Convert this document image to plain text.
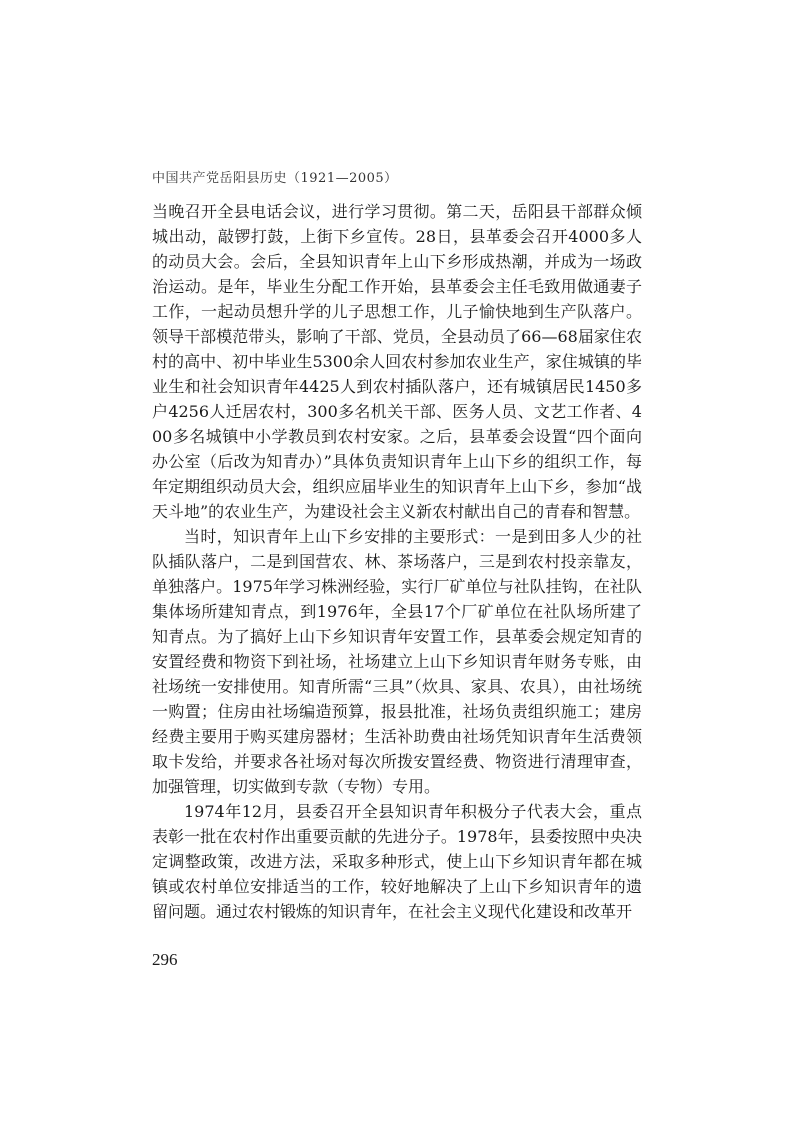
中国共产党岳阳县历史（1921—2005）

当晚召开全县电话会议，进行学习贯彻。第二天，岳阳县干部群众倾城出动，敲锣打鼓，上街下乡宣传。28日，县革委会召开4000多人的动员大会。会后，全县知识青年上山下乡形成热潮，并成为一场政治运动。是年，毕业生分配工作开始，县革委会主任毛致用做通妻子工作，一起动员想升学的儿子思想工作，儿子愉快地到生产队落户。领导干部模范带头，影响了干部、党员，全县动员了66—68届家住农村的高中、初中毕业生5300余人回农村参加农业生产，家住城镇的毕业生和社会知识青年4425人到农村插队落户，还有城镇居民1450多户4256人迁居农村，300多名机关干部、医务人员、文艺工作者、400多名城镇中小学教员到农村安家。之后，县革委会设置“四个面向办公室（后改为知青办）”具体负责知识青年上山下乡的组织工作，每年定期组织动员大会，组织应届毕业生的知识青年上山下乡，参加“战天斗地”的农业生产，为建设社会主义新农村献出自己的青春和智慧。

当时，知识青年上山下乡安排的主要形式：一是到田多人少的社队插队落户，二是到国营农、林、茶场落户，三是到农村投亲靠友，单独落户。1975年学习株洲经验，实行厂矿单位与社队挂钩，在社队集体场所建知青点，到1976年，全县17个厂矿单位在社队场所建了知青点。为了搞好上山下乡知识青年安置工作，县革委会规定知青的安置经费和物资下到社场，社场建立上山下乡知识青年财务专账，由社场统一安排使用。知青所需“三具”（炊具、家具、农具），由社场统一购置；住房由社场编造预算，报县批准，社场负责组织施工；建房经费主要用于购买建房器材；生活补助费由社场凭知识青年生活费领取卡发给，并要求各社场对每次所拨安置经费、物资进行清理审查，加强管理，切实做到专款（专物）专用。

1974年12月，县委召开全县知识青年积极分子代表大会，重点表彰一批在农村作出重要贡献的先进分子。1978年，县委按照中央决定调整政策，改进方法，采取多种形式，使上山下乡知识青年都在城镇或农村单位安排适当的工作，较好地解决了上山下乡知识青年的遗留问题。通过农村锻炼的知识青年，在社会主义现代化建设和改革开

296
